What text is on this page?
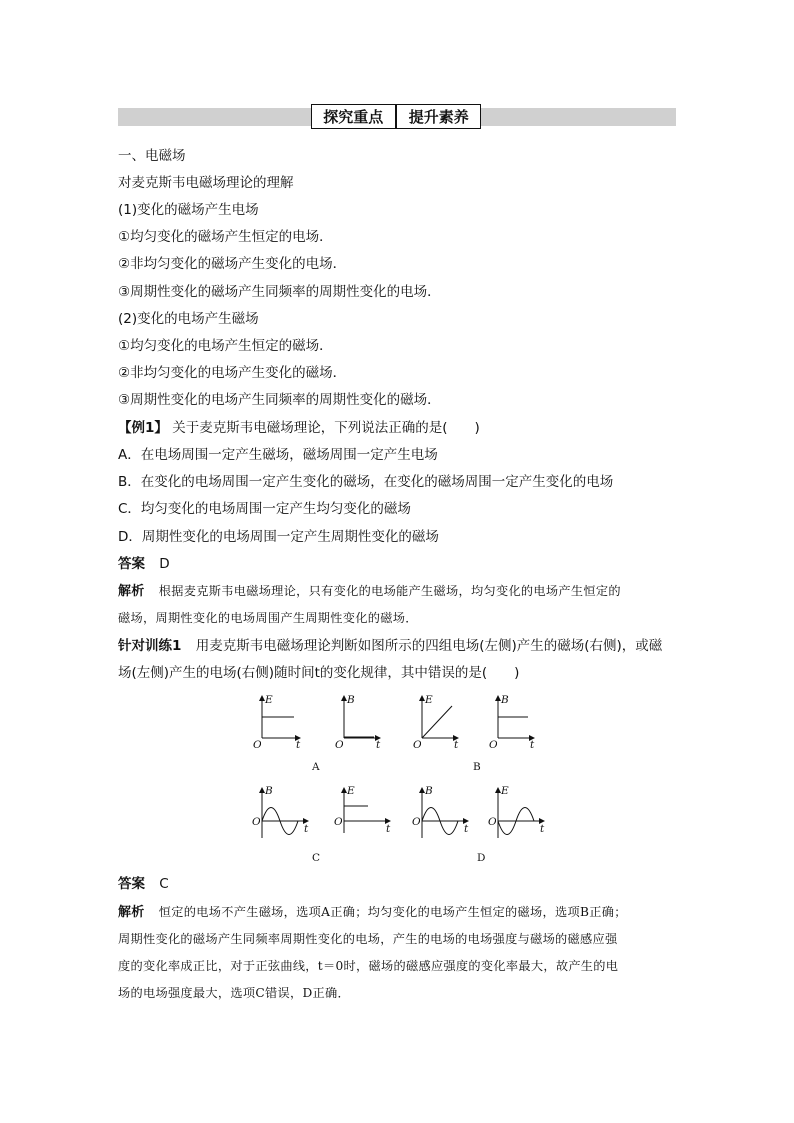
探究重点 提升素养
一、电磁场
对麦克斯韦电磁场理论的理解
(1)变化的磁场产生电场
①均匀变化的磁场产生恒定的电场．
②非均匀变化的磁场产生变化的电场．
③周期性变化的磁场产生同频率的周期性变化的电场．
(2)变化的电场产生磁场
①均匀变化的电场产生恒定的磁场．
②非均匀变化的电场产生变化的磁场．
③周期性变化的电场产生同频率的周期性变化的磁场．
【例1】 关于麦克斯韦电磁场理论，下列说法正确的是(　　)
A．在电场周围一定产生磁场，磁场周围一定产生电场
B．在变化的电场周围一定产生变化的磁场，在变化的磁场周围一定产生变化的电场
C．均匀变化的电场周围一定产生均匀变化的磁场
D．周期性变化的电场周围一定产生周期性变化的磁场
答案 D
解析 根据麦克斯韦电磁场理论，只有变化的电场能产生磁场，均匀变化的电场产生恒定的
磁场，周期性变化的电场周围产生周期性变化的磁场．
针对训练1 用麦克斯韦电磁场理论判断如图所示的四组电场(左侧)产生的磁场(右侧)，或磁
场(左侧)产生的电场(右侧)随时间t的变化规律，其中错误的是(　　)
E
O	t
B
O	t
E
O	t
B
O	t
B
O
t
E
O
t
B
O
t
E
O
t
A	B
C	D
答案 C
解析 恒定的电场不产生磁场，选项A正确；均匀变化的电场产生恒定的磁场，选项B正确；
周期性变化的磁场产生同频率周期性变化的电场，产生的电场的电场强度与磁场的磁感应强
度的变化率成正比，对于正弦曲线，t＝0时，磁场的磁感应强度的变化率最大，故产生的电
场的电场强度最大，选项C错误，D正确．
